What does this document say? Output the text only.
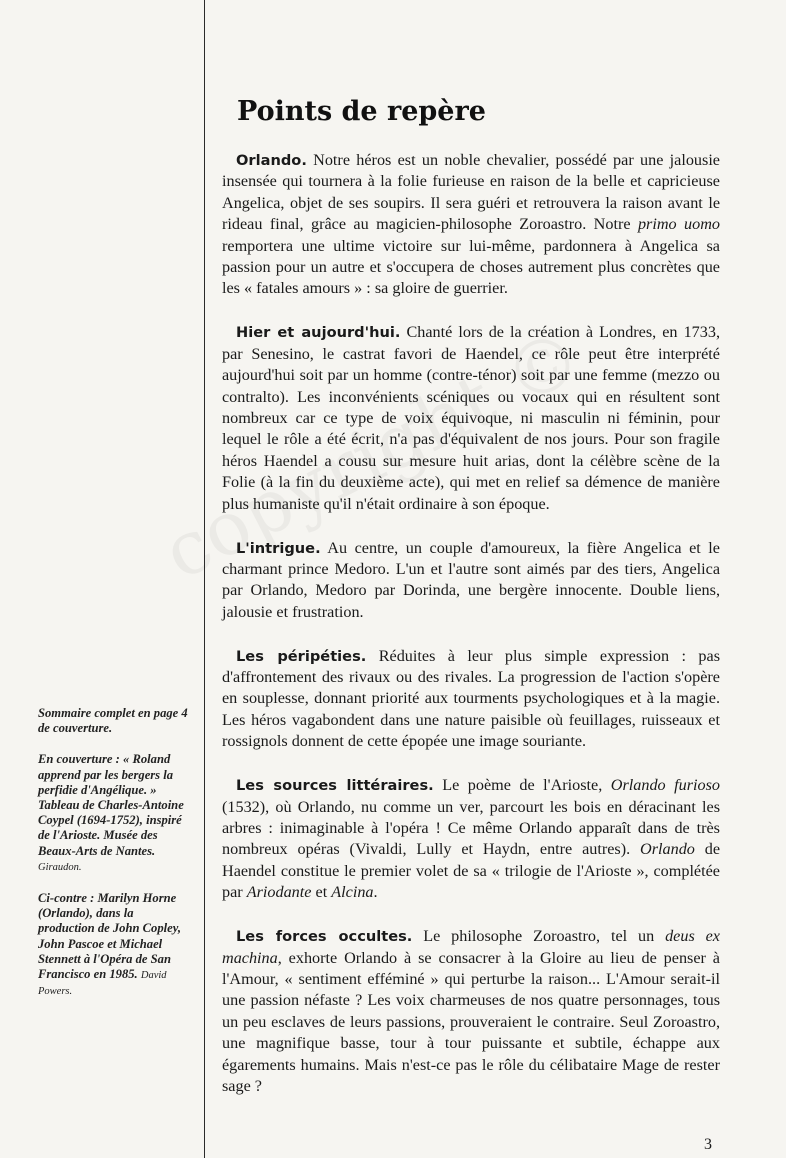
Sommaire complet en page 4 de couverture.

En couverture : « Roland apprend par les bergers la perfidie d'Angélique. » Tableau de Charles-Antoine Coypel (1694-1752), inspiré de l'Arioste. Musée des Beaux-Arts de Nantes. Giraudon.

Ci-contre : Marilyn Horne (Orlando), dans la production de John Copley, John Pascoe et Michael Stennett à l'Opéra de San Francisco en 1985. David Powers.

Points de repère

Orlando. Notre héros est un noble chevalier, possédé par une jalousie insensée qui tournera à la folie furieuse en raison de la belle et capricieuse Angelica, objet de ses soupirs. Il sera guéri et retrouvera la raison avant le rideau final, grâce au magicien-philosophe Zoroastro. Notre primo uomo remportera une ultime victoire sur lui-même, pardonnera à Angelica sa passion pour un autre et s'occupera de choses autrement plus concrètes que les « fatales amours » : sa gloire de guerrier.

Hier et aujourd'hui. Chanté lors de la création à Londres, en 1733, par Senesino, le castrat favori de Haendel, ce rôle peut être interprété aujourd'hui soit par un homme (contre-ténor) soit par une femme (mezzo ou contralto). Les inconvénients scéniques ou vocaux qui en résultent sont nombreux car ce type de voix équivoque, ni masculin ni féminin, pour lequel le rôle a été écrit, n'a pas d'équivalent de nos jours. Pour son fragile héros Haendel a cousu sur mesure huit arias, dont la célèbre scène de la Folie (à la fin du deuxième acte), qui met en relief sa démence de manière plus humaniste qu'il n'était ordinaire à son époque.

L'intrigue. Au centre, un couple d'amoureux, la fière Angelica et le charmant prince Medoro. L'un et l'autre sont aimés par des tiers, Angelica par Orlando, Medoro par Dorinda, une bergère innocente. Double liens, jalousie et frustration.

Les péripéties. Réduites à leur plus simple expression : pas d'affrontement des rivaux ou des rivales. La progression de l'action s'opère en souplesse, donnant priorité aux tourments psychologiques et à la magie. Les héros vagabondent dans une nature paisible où feuillages, ruisseaux et rossignols donnent de cette épopée une image souriante.

Les sources littéraires. Le poème de l'Arioste, Orlando furioso (1532), où Orlando, nu comme un ver, parcourt les bois en déracinant les arbres : inimaginable à l'opéra ! Ce même Orlando apparaît dans de très nombreux opéras (Vivaldi, Lully et Haydn, entre autres). Orlando de Haendel constitue le premier volet de sa « trilogie de l'Arioste », complétée par Ariodante et Alcina.

Les forces occultes. Le philosophe Zoroastro, tel un deus ex machina, exhorte Orlando à se consacrer à la Gloire au lieu de penser à l'Amour, « sentiment efféminé » qui perturbe la raison... L'Amour serait-il une passion néfaste ? Les voix charmeuses de nos quatre personnages, tous un peu esclaves de leurs passions, prouveraient le contraire. Seul Zoroastro, une magnifique basse, tour à tour puissante et subtile, échappe aux égarements humains. Mais n'est-ce pas le rôle du célibataire Mage de rester sage ?

3
